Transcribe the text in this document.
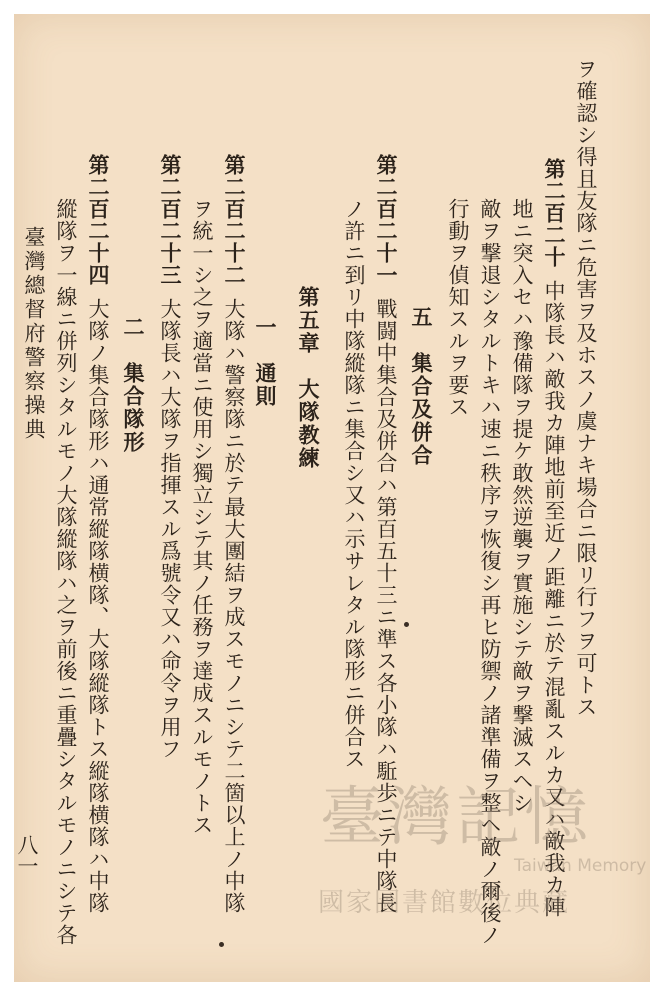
ヲ確認シ得且友隊ニ危害ヲ及ホスノ虞ナキ場合ニ限リ行フヲ可トス
第二百二十中隊長ハ敵我カ陣地前至近ノ距離ニ於テ混亂スルカ又ハ敵我カ陣
地ニ突入セハ豫備隊ヲ提ケ敢然逆襲ヲ實施シテ敵ヲ撃滅スヘシ
敵ヲ撃退シタルトキハ速ニ秩序ヲ恢復シ再ヒ防禦ノ諸準備ヲ整ヘ敵ノ爾後ノ
行動ヲ偵知スルヲ要ス
五　集合及併合
第二百二十一戰闘中集合及併合ハ第百五十三ニ準ス各小隊ハ駈歩ニテ中隊長
ノ許ニ到リ中隊縱隊ニ集合シ又ハ示サレタル隊形ニ併合ス
第五章　大隊教練
一　通則
第二百二十二大隊ハ警察隊ニ於テ最大團結ヲ成スモノニシテ二箇以上ノ中隊
ヲ統一シ之ヲ適當ニ使用シ獨立シテ其ノ任務ヲ達成スルモノトス
第二百二十三大隊長ハ大隊ヲ指揮スル爲號令又ハ命令ヲ用フ
二　集合隊形
第二百二十四大隊ノ集合隊形ハ通常縱隊横隊、大隊縱隊トス縱隊横隊ハ中隊
縱隊ヲ一線ニ併列シタルモノ大隊縱隊ハ之ヲ前後ニ重疊シタルモノニシテ各
臺灣總督府警察操典
八一	臺灣記憶
Taiwan Memory
國家圖書館數位典藏
